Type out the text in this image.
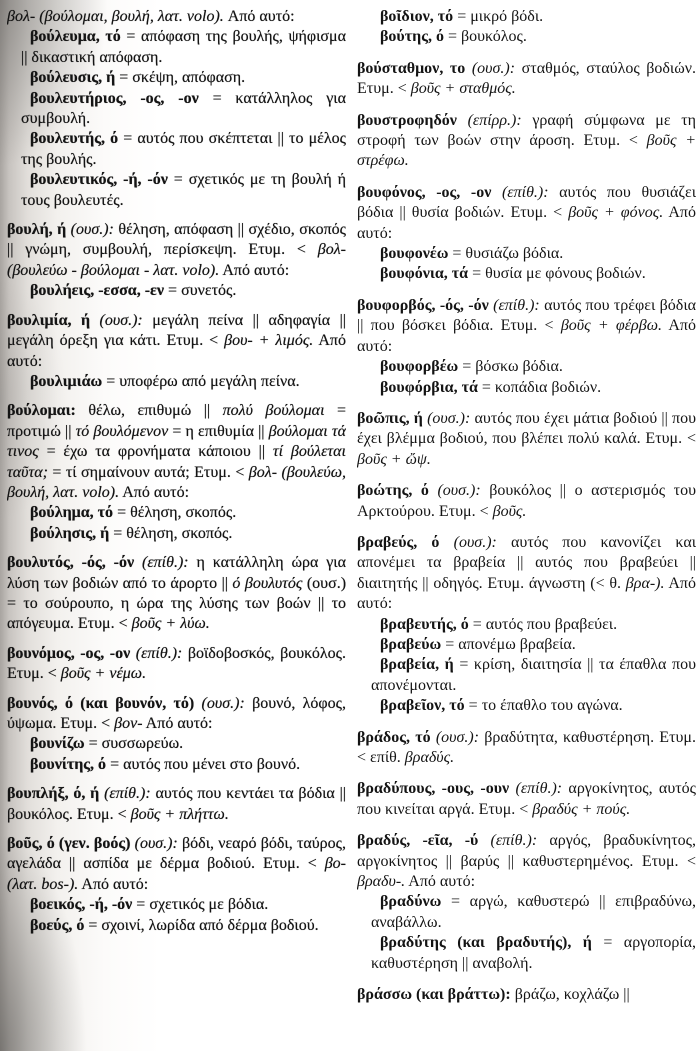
βολ- (βούλομαι, βουλή, λατ. volo). Από αυτό:

βούλευμα, τό = απόφαση της βουλής, ψήφισμα || δικαστική απόφαση.

βούλευσις, ή = σκέψη, απόφαση.

βουλευτήριος, -ος, -ον = κατάλληλος για συμβουλή.

βουλευτής, ό = αυτός που σκέπτεται || το μέλος της βουλής.

βουλευτικός, -ή, -όν = σχετικός με τη βουλή ή τους βουλευτές.

βουλή, ή (ουσ.): θέληση, απόφαση || σχέδιο, σκοπός || γνώμη, συμβουλή, περίσκεψη. Ετυμ. < βολ- (βουλεύω - βούλομαι - λατ. volo). Από αυτό:

βουλήεις, -εσσα, -εν = συνετός.

βουλιμία, ή (ουσ.): μεγάλη πείνα || αδηφαγία || μεγάλη όρεξη για κάτι. Ετυμ. < βου- + λιμός. Από αυτό:

βουλιμιάω = υποφέρω από μεγάλη πείνα.

βούλομαι: θέλω, επιθυμώ || πολύ βούλομαι = προτιμώ || τό βουλόμενον = η επιθυμία || βούλομαι τά τινος = έχω τα φρονήματα κάποιου || τί βούλεται ταῦτα; = τί σημαίνουν αυτά; Ετυμ. < βολ- (βουλεύω, βουλή, λατ. volo). Από αυτό:

βούλημα, τό = θέληση, σκοπός.

βούλησις, ή = θέληση, σκοπός.

βουλυτός, -ός, -όν (επίθ.): η κατάλληλη ώρα για λύση των βοδιών από το άρορτο || ό βουλυτός (ουσ.) = το σούρουπο, η ώρα της λύσης των βοών || το απόγευμα. Ετυμ. < βοῦς + λύω.

βουνόμος, -ος, -ον (επίθ.): βοϊδοβοσκός, βουκόλος. Ετυμ. < βοῦς + νέμω.

βουνός, ό (και βουνόν, τό) (ουσ.): βουνό, λόφος, ύψωμα. Ετυμ. < βον- Από αυτό:

βουνίζω = συσσωρεύω.

βουνίτης, ό = αυτός που μένει στο βουνό.

βουπλήξ, ό, ή (επίθ.): αυτός που κεντάει τα βόδια || βουκόλος. Ετυμ. < βοῦς + πλήττω.

βοῦς, ό (γεν. βοός) (ουσ.): βόδι, νεαρό βόδι, ταύρος, αγελάδα || ασπίδα με δέρμα βοδιού. Ετυμ. < βο- (λατ. bos-). Από αυτό:

βοεικός, -ή, -όν = σχετικός με βόδια.

βοεύς, ό = σχοινί, λωρίδα από δέρμα βοδιού.

βοῖδιον, τό = μικρό βόδι.

βούτης, ό = βουκόλος.

βούσταθμον, το (ουσ.): σταθμός, σταύλος βοδιών. Ετυμ. < βοῦς + σταθμός.

βουστροφηδόν (επίρρ.): γραφή σύμφωνα με τη στροφή των βοών στην άροση. Ετυμ. < βοῦς + στρέφω.

βουφόνος, -ος, -ον (επίθ.): αυτός που θυσιάζει βόδια || θυσία βοδιών. Ετυμ. < βοῦς + φόνος. Από αυτό:

βουφονέω = θυσιάζω βόδια.

βουφόνια, τά = θυσία με φόνους βοδιών.

βουφορβός, -ός, -όν (επίθ.): αυτός που τρέφει βόδια || που βόσκει βόδια. Ετυμ. < βοῦς + φέρβω. Από αυτό:

βουφορβέω = βόσκω βόδια.

βουφόρβια, τά = κοπάδια βοδιών.

βοῶπις, ή (ουσ.): αυτός που έχει μάτια βοδιού || που έχει βλέμμα βοδιού, που βλέπει πολύ καλά. Ετυμ. < βοῦς + ὤψ.

βοώτης, ό (ουσ.): βουκόλος || ο αστερισμός του Αρκτούρου. Ετυμ. < βοῦς.

βραβεύς, ό (ουσ.): αυτός που κανονίζει και απονέμει τα βραβεία || αυτός που βραβεύει || διαιτητής || οδηγός. Ετυμ. άγνωστη (< θ. βρα-). Από αυτό:

βραβευτής, ό = αυτός που βραβεύει.

βραβεύω = απονέμω βραβεία.

βραβεία, ή = κρίση, διαιτησία || τα έπαθλα που απονέμονται.

βραβεῖον, τό = το έπαθλο του αγώνα.

βράδος, τό (ουσ.): βραδύτητα, καθυστέρηση. Ετυμ. < επίθ. βραδύς.

βραδύπους, -ους, -ουν (επίθ.): αργοκίνητος, αυτός που κινείται αργά. Ετυμ. < βραδύς + πούς.

βραδύς, -εῖα, -ύ (επίθ.): αργός, βραδυκίνητος, αργοκίνητος || βαρύς || καθυστερημένος. Ετυμ. < βραδυ-. Από αυτό:

βραδύνω = αργώ, καθυστερώ || επιβραδύνω, αναβάλλω.

βραδύτης (και βραδυτής), ή = αργοπορία, καθυστέρηση || αναβολή.

βράσσω (και βράττω): βράζω, κοχλάζω ||
